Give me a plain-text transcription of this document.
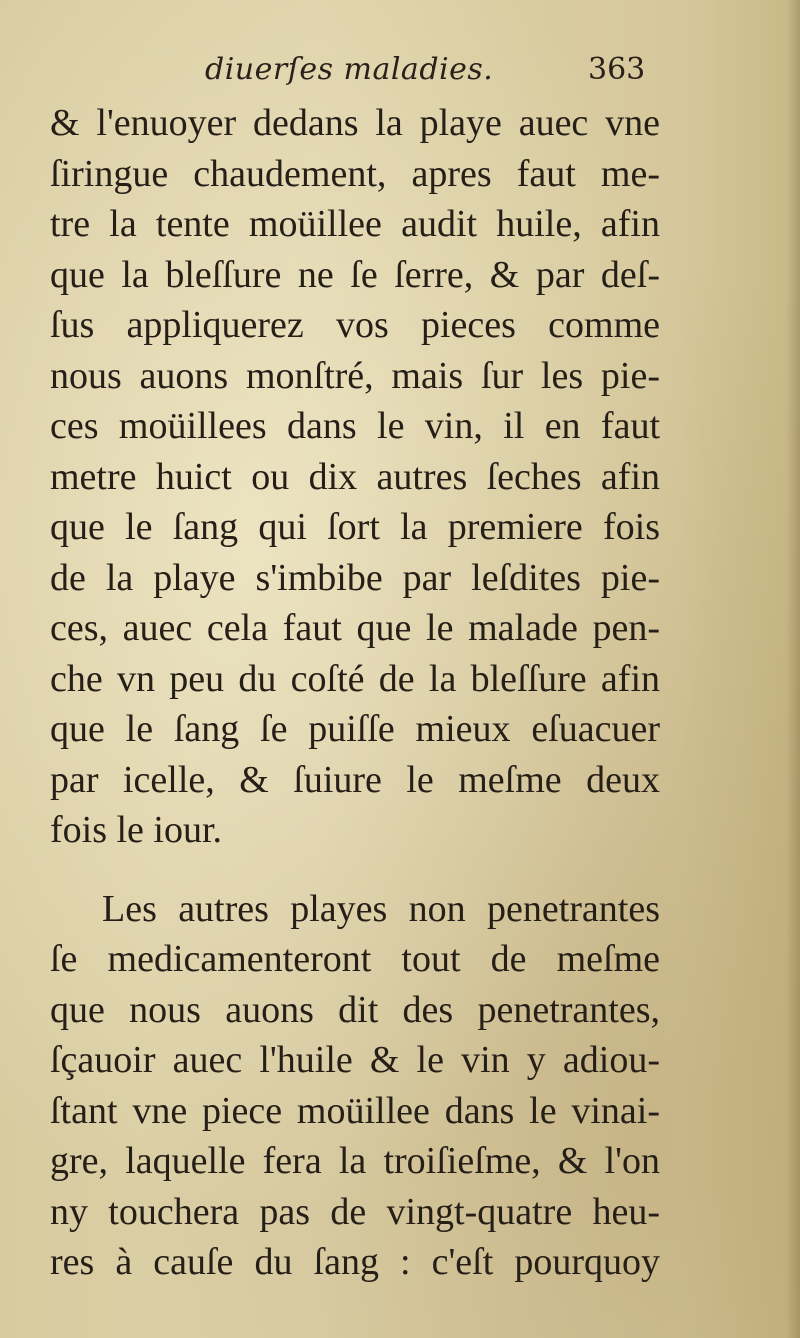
diuerſes maladies.	363
& l'enuoyer dedans la playe auec vne
ſiringue chaudement, apres faut me-
tre la tente moüillee audit huile, afin
que la bleſſure ne ſe ſerre, & par deſ-
ſus appliquerez vos pieces comme
nous auons monſtré, mais ſur les pie-
ces moüillees dans le vin, il en faut
metre huict ou dix autres ſeches afin
que le ſang qui ſort la premiere fois
de la playe s'imbibe par leſdites pie-
ces, auec cela faut que le malade pen-
che vn peu du coſté de la bleſſure afin
que le ſang ſe puiſſe mieux eſuacuer
par icelle, & ſuiure le meſme deux
fois le iour.
Les autres playes non penetrantes
ſe medicamenteront tout de meſme
que nous auons dit des penetrantes,
ſçauoir auec l'huile & le vin y adiou-
ſtant vne piece moüillee dans le vinai-
gre, laquelle fera la troiſieſme, & l'on
ny touchera pas de vingt-quatre heu-
res à cauſe du ſang : c'eſt pourquoy
